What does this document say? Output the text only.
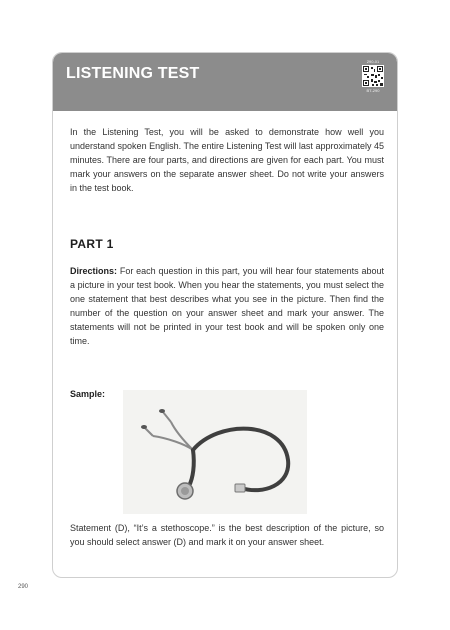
LISTENING TEST
290-01
BT-290

In the Listening Test, you will be asked to demonstrate how well you understand spoken English. The entire Listening Test will last approximately 45 minutes. There are four parts, and directions are given for each part. You must mark your answers on the separate answer sheet. Do not write your answers in the test book.

PART 1

Directions: For each question in this part, you will hear four statements about a picture in your test book. When you hear the statements, you must select the one statement that best describes what you see in the picture. Then find the number of the question on your answer sheet and mark your answer. The statements will not be printed in your test book and will be spoken only one time.

Sample:

Statement (D), “It’s a stethoscope.” is the best description of the picture, so you should select answer (D) and mark it on your answer sheet.

290
